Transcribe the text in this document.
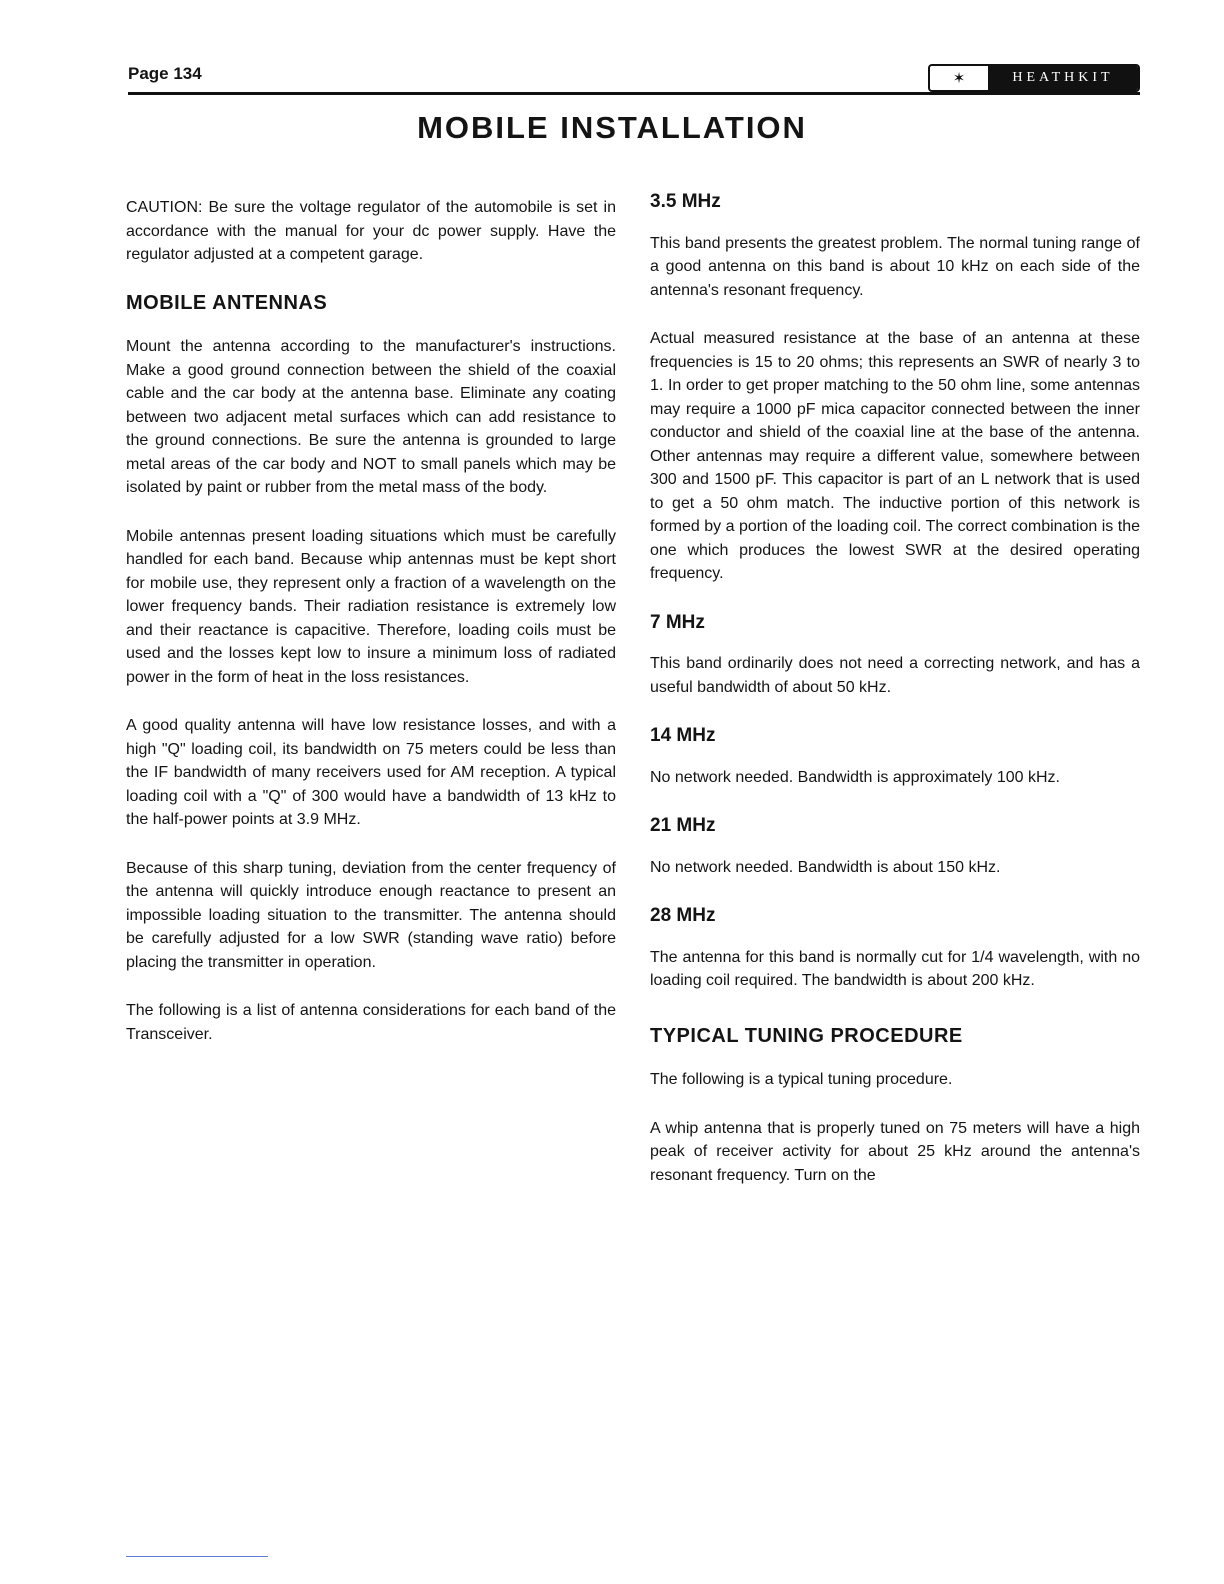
Page 134	✶	HEATHKIT
MOBILE INSTALLATION

CAUTION: Be sure the voltage regulator of the automobile is set in accordance with the manual for your dc power supply. Have the regulator adjusted at a competent garage.

MOBILE ANTENNAS

Mount the antenna according to the manufacturer's instructions. Make a good ground connection between the shield of the coaxial cable and the car body at the antenna base. Eliminate any coating between two adjacent metal surfaces which can add resistance to the ground connections. Be sure the antenna is grounded to large metal areas of the car body and NOT to small panels which may be isolated by paint or rubber from the metal mass of the body.

Mobile antennas present loading situations which must be carefully handled for each band. Because whip antennas must be kept short for mobile use, they represent only a fraction of a wavelength on the lower frequency bands. Their radiation resistance is extremely low and their reactance is capacitive. Therefore, loading coils must be used and the losses kept low to insure a minimum loss of radiated power in the form of heat in the loss resistances.

A good quality antenna will have low resistance losses, and with a high "Q" loading coil, its bandwidth on 75 meters could be less than the IF bandwidth of many receivers used for AM reception. A typical loading coil with a "Q" of 300 would have a bandwidth of 13 kHz to the half-power points at 3.9 MHz.

Because of this sharp tuning, deviation from the center frequency of the antenna will quickly introduce enough reactance to present an impossible loading situation to the transmitter. The antenna should be carefully adjusted for a low SWR (standing wave ratio) before placing the transmitter in operation.

The following is a list of antenna considerations for each band of the Transceiver.

3.5 MHz

This band presents the greatest problem. The normal tuning range of a good antenna on this band is about 10 kHz on each side of the antenna's resonant frequency.

Actual measured resistance at the base of an antenna at these frequencies is 15 to 20 ohms; this represents an SWR of nearly 3 to 1. In order to get proper matching to the 50 ohm line, some antennas may require a 1000 pF mica capacitor connected between the inner conductor and shield of the coaxial line at the base of the antenna. Other antennas may require a different value, somewhere between 300 and 1500 pF. This capacitor is part of an L network that is used to get a 50 ohm match. The inductive portion of this network is formed by a portion of the loading coil. The correct combination is the one which produces the lowest SWR at the desired operating frequency.

7 MHz

This band ordinarily does not need a correcting network, and has a useful bandwidth of about 50 kHz.

14 MHz

No network needed. Bandwidth is approximately 100 kHz.

21 MHz

No network needed. Bandwidth is about 150 kHz.

28 MHz

The antenna for this band is normally cut for 1/4 wavelength, with no loading coil required. The bandwidth is about 200 kHz.

TYPICAL TUNING PROCEDURE

The following is a typical tuning procedure.

A whip antenna that is properly tuned on 75 meters will have a high peak of receiver activity for about 25 kHz around the antenna's resonant frequency. Turn on the
